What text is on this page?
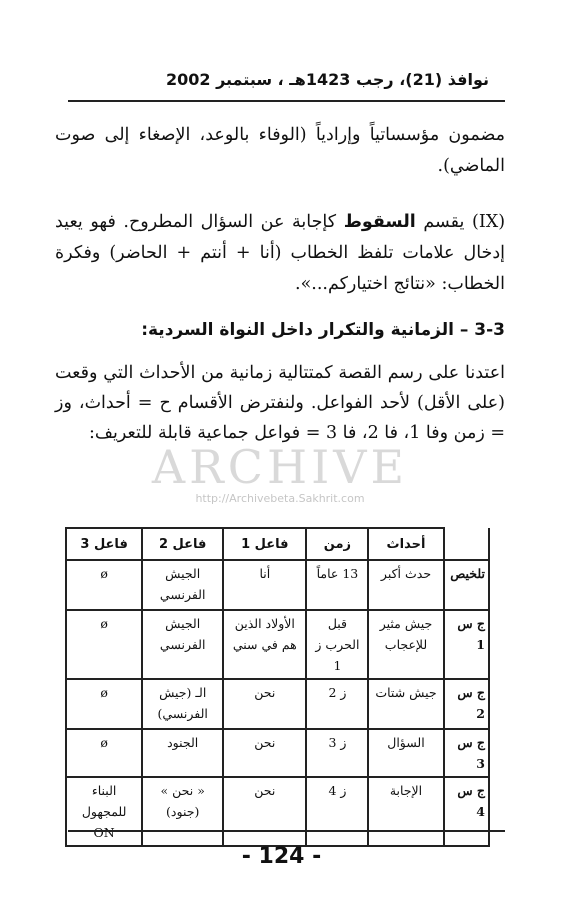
نوافذ (21)، رجب 1423هـ ، سبتمبر 2002
مضمون مؤسساتياً وإرادياً (الوفاء بالوعد، الإصغاء إلى صوت الماضي).
(IX) يقسم السقوط كإجابة عن السؤال المطروح. فهو يعيد إدخال علامات تلفظ الخطاب (أنا + أنتم + الحاضر) وفكرة الخطاب: «نتائج اختياركم...».
3-3 – الزمانية والتكرار داخل النواة السردية:
اعتدنا على رسم القصة كمتتالية زمانية من الأحداث التي وقعت (على الأقل) لأحد الفواعل. ولنفترض الأقسام ح = أحداث، وز = زمن وفا 1، فا 2، فا 3 = فواعل جماعية قابلة للتعريف:
ARCHIVE
http://Archivebeta.Sakhrit.com
	أحداث	زمن	فاعل 1	فاعل 2	فاعل 3
تلخيص	حدث أكبر	13 عاماً	أنا	الجيش الفرنسي	ø
ج س 1	جيش مثير للإعجاب	قبل الحرب ز 1	الأولاد الذين هم في سني	الجيش الفرنسي	ø
ج س 2	جيش شتات	ز 2	نحن	الـ (جيش الفرنسي)	ø
ج س 3	السؤال	ز 3	نحن	الجنود	ø
ج س 4	الإجابة	ز 4	نحن	« نحن » (جنود)	البناء للمجهول ON
- 124 -
